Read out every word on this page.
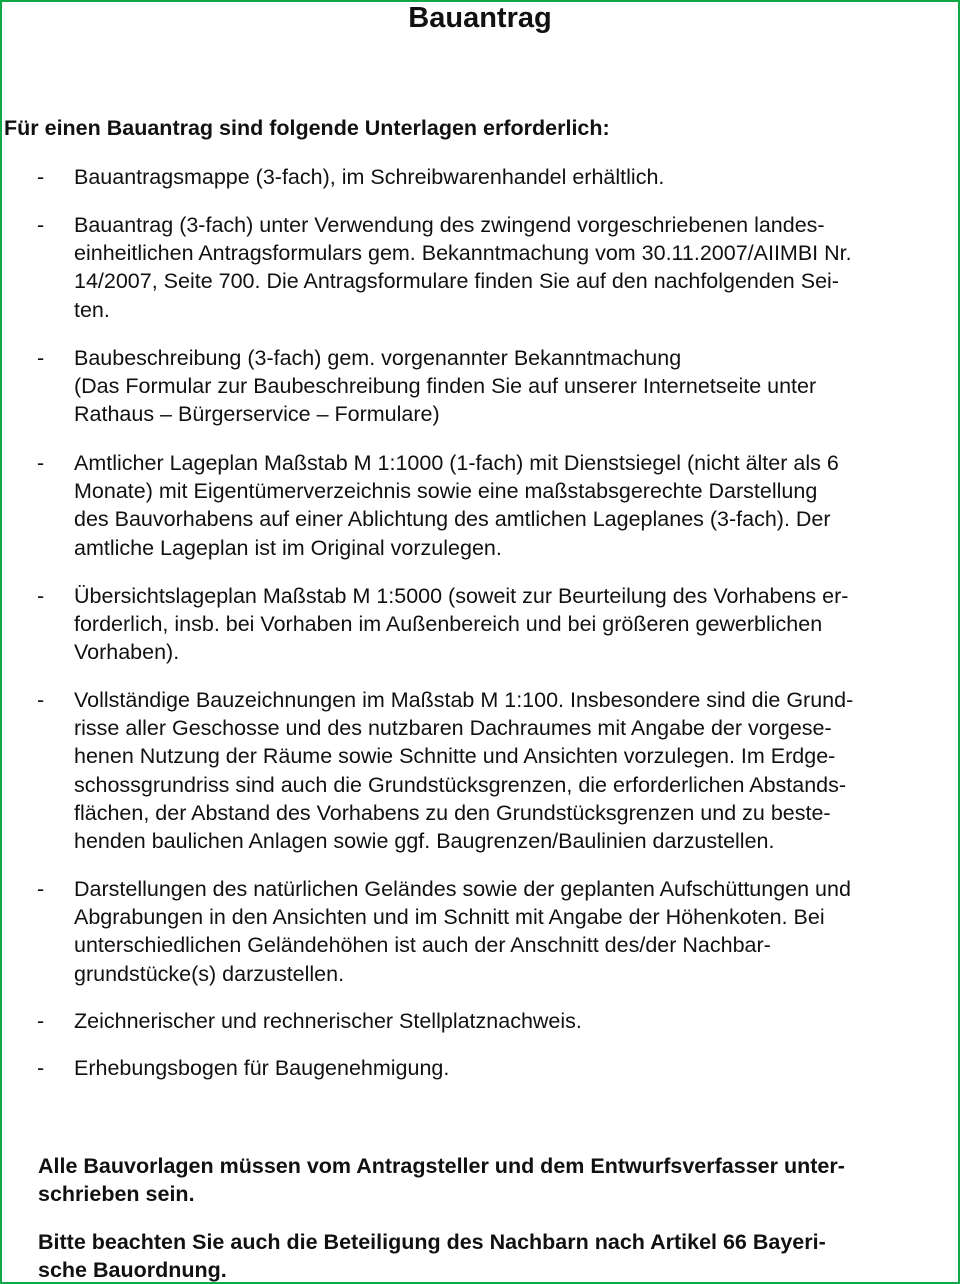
Bauantrag
Für einen Bauantrag sind folgende Unterlagen erforderlich:
- Bauantragsmappe (3-fach), im Schreibwarenhandel erhältlich.
- Bauantrag (3-fach) unter Verwendung des zwingend vorgeschriebenen landes-
einheitlichen Antragsformulars gem. Bekanntmachung vom 30.11.2007/AIIMBI Nr.
14/2007, Seite 700. Die Antragsformulare finden Sie auf den nachfolgenden Sei-
ten.
- Baubeschreibung (3-fach) gem. vorgenannter Bekanntmachung
(Das Formular zur Baubeschreibung finden Sie auf unserer Internetseite unter
Rathaus – Bürgerservice – Formulare)
- Amtlicher Lageplan Maßstab M 1:1000 (1-fach) mit Dienstsiegel (nicht älter als 6
Monate) mit Eigentümerverzeichnis sowie eine maßstabsgerechte Darstellung
des Bauvorhabens auf einer Ablichtung des amtlichen Lageplanes (3-fach). Der
amtliche Lageplan ist im Original vorzulegen.
- Übersichtslageplan Maßstab M 1:5000 (soweit zur Beurteilung des Vorhabens er-
forderlich, insb. bei Vorhaben im Außenbereich und bei größeren gewerblichen
Vorhaben).
- Vollständige Bauzeichnungen im Maßstab M 1:100. Insbesondere sind die Grund-
risse aller Geschosse und des nutzbaren Dachraumes mit Angabe der vorgese-
henen Nutzung der Räume sowie Schnitte und Ansichten vorzulegen. Im Erdge-
schossgrundriss sind auch die Grundstücksgrenzen, die erforderlichen Abstands-
flächen, der Abstand des Vorhabens zu den Grundstücksgrenzen und zu beste-
henden baulichen Anlagen sowie ggf. Baugrenzen/Baulinien darzustellen.
- Darstellungen des natürlichen Geländes sowie der geplanten Aufschüttungen und
Abgrabungen in den Ansichten und im Schnitt mit Angabe der Höhenkoten. Bei
unterschiedlichen Geländehöhen ist auch der Anschnitt des/der Nachbar-
grundstücke(s) darzustellen.
- Zeichnerischer und rechnerischer Stellplatznachweis.
- Erhebungsbogen für Baugenehmigung.
Alle Bauvorlagen müssen vom Antragsteller und dem Entwurfsverfasser unter-
schrieben sein.
Bitte beachten Sie auch die Beteiligung des Nachbarn nach Artikel 66 Bayeri-
sche Bauordnung.
